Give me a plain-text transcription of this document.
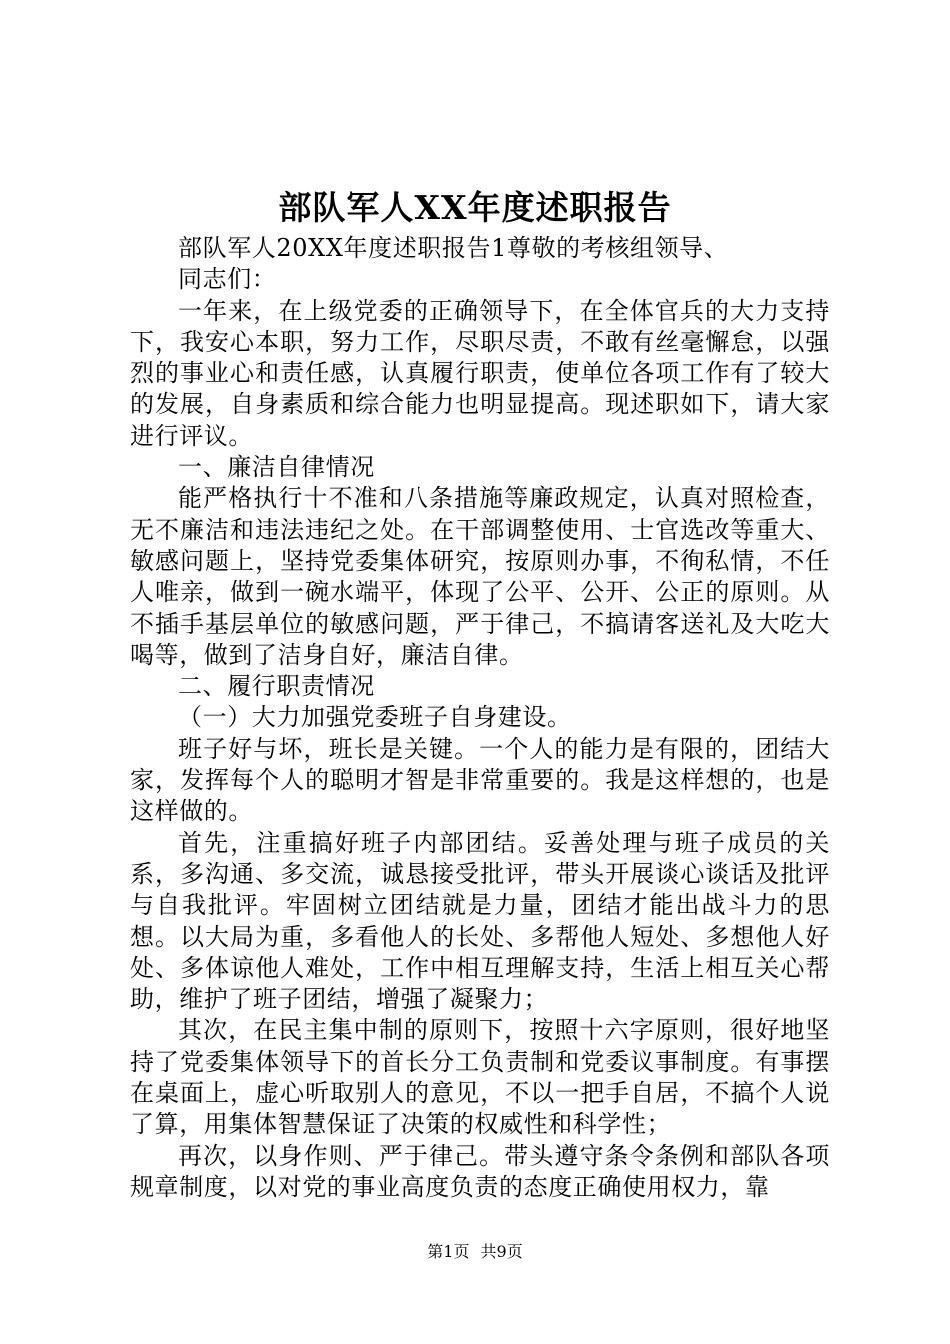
部队军人XX年度述职报告

部队军人20XX年度述职报告1尊敬的考核组领导、

同志们：

一年来，在上级党委的正确领导下，在全体官兵的大力支持下，我安心本职，努力工作，尽职尽责，不敢有丝毫懈怠，以强烈的事业心和责任感，认真履行职责，使单位各项工作有了较大的发展，自身素质和综合能力也明显提高。现述职如下，请大家进行评议。

一、廉洁自律情况

能严格执行十不准和八条措施等廉政规定，认真对照检查，无不廉洁和违法违纪之处。在干部调整使用、士官选改等重大、敏感问题上，坚持党委集体研究，按原则办事，不徇私情，不任人唯亲，做到一碗水端平，体现了公平、公开、公正的原则。从不插手基层单位的敏感问题，严于律己，不搞请客送礼及大吃大喝等，做到了洁身自好，廉洁自律。

二、履行职责情况

（一）大力加强党委班子自身建设。

班子好与坏，班长是关键。一个人的能力是有限的，团结大家，发挥每个人的聪明才智是非常重要的。我是这样想的，也是这样做的。

首先，注重搞好班子内部团结。妥善处理与班子成员的关系，多沟通、多交流，诚恳接受批评，带头开展谈心谈话及批评与自我批评。牢固树立团结就是力量，团结才能出战斗力的思想。以大局为重，多看他人的长处、多帮他人短处、多想他人好处、多体谅他人难处，工作中相互理解支持，生活上相互关心帮助，维护了班子团结，增强了凝聚力；

其次，在民主集中制的原则下，按照十六字原则，很好地坚持了党委集体领导下的首长分工负责制和党委议事制度。有事摆在桌面上，虚心听取别人的意见，不以一把手自居，不搞个人说了算，用集体智慧保证了决策的权威性和科学性；

再次，以身作则、严于律己。带头遵守条令条例和部队各项规章制度，以对党的事业高度负责的态度正确使用权力，靠

第1页 共9页
